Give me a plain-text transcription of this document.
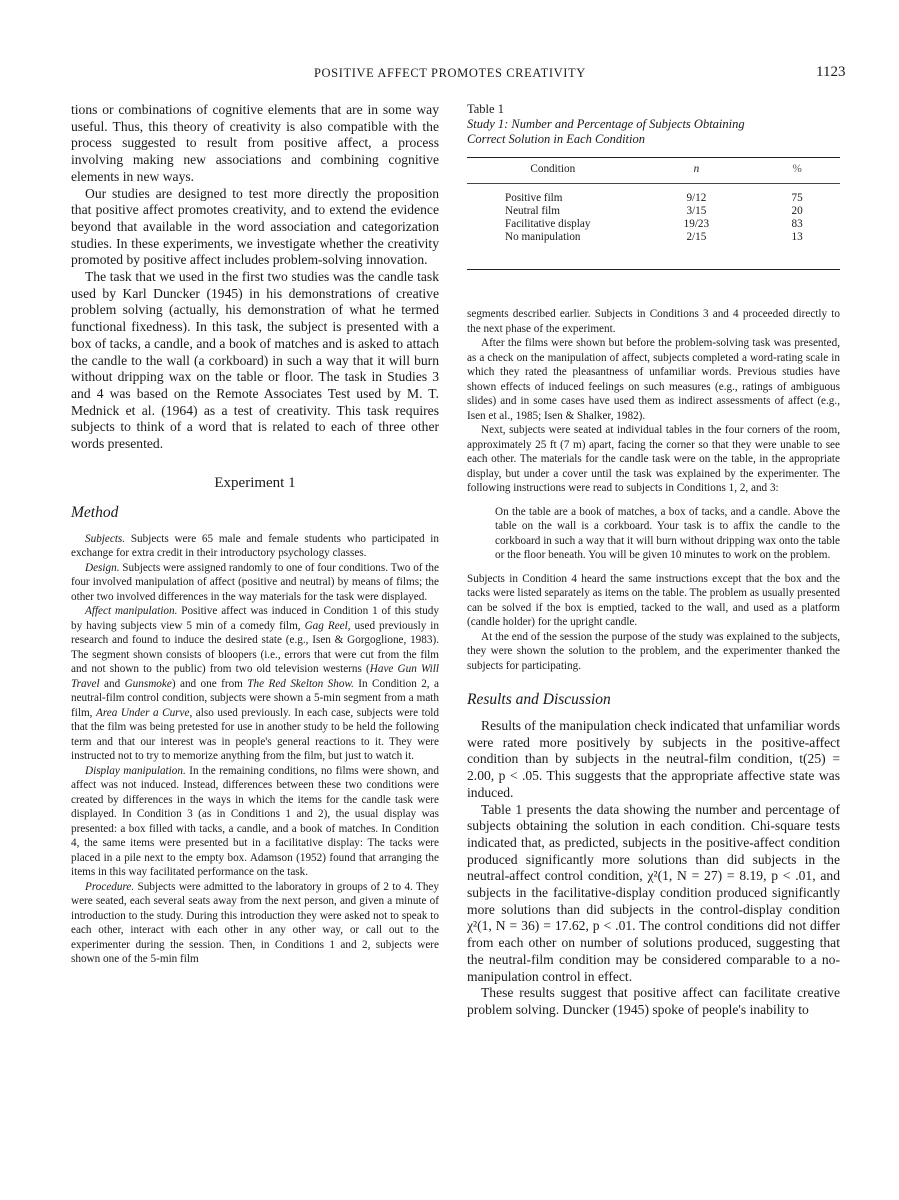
POSITIVE AFFECT PROMOTES CREATIVITY	1123

tions or combinations of cognitive elements that are in some way useful. Thus, this theory of creativity is also compatible with the process suggested to result from positive affect, a process involving making new associations and combining cognitive elements in new ways.

Our studies are designed to test more directly the proposition that positive affect promotes creativity, and to extend the evidence beyond that available in the word association and categorization studies. In these experiments, we investigate whether the creativity promoted by positive affect includes problem-solving innovation.

The task that we used in the first two studies was the candle task used by Karl Duncker (1945) in his demonstrations of creative problem solving (actually, his demonstration of what he termed functional fixedness). In this task, the subject is presented with a box of tacks, a candle, and a book of matches and is asked to attach the candle to the wall (a corkboard) in such a way that it will burn without dripping wax on the table or floor. The task in Studies 3 and 4 was based on the Remote Associates Test used by M. T. Mednick et al. (1964) as a test of creativity. This task requires subjects to think of a word that is related to each of three other words presented.

Experiment 1
Method

Subjects. Subjects were 65 male and female students who participated in exchange for extra credit in their introductory psychology classes.

Design. Subjects were assigned randomly to one of four conditions. Two of the four involved manipulation of affect (positive and neutral) by means of films; the other two involved differences in the way materials for the task were displayed.

Affect manipulation. Positive affect was induced in Condition 1 of this study by having subjects view 5 min of a comedy film, Gag Reel, used previously in research and found to induce the desired state (e.g., Isen & Gorgoglione, 1983). The segment shown consists of bloopers (i.e., errors that were cut from the film and not shown to the public) from two old television westerns (Have Gun Will Travel and Gunsmoke) and one from The Red Skelton Show. In Condition 2, a neutral-film control condition, subjects were shown a 5-min segment from a math film, Area Under a Curve, also used previously. In each case, subjects were told that the film was being pretested for use in another study to be held the following term and that our interest was in people's general reactions to it. They were instructed not to try to memorize anything from the film, but just to watch it.

Display manipulation. In the remaining conditions, no films were shown, and affect was not induced. Instead, differences between these two conditions were created by differences in the ways in which the items for the candle task were displayed. In Condition 3 (as in Conditions 1 and 2), the usual display was presented: a box filled with tacks, a candle, and a book of matches. In Condition 4, the same items were presented but in a facilitative display: The tacks were placed in a pile next to the empty box. Adamson (1952) found that arranging the items in this way facilitated performance on the task.

Procedure. Subjects were admitted to the laboratory in groups of 2 to 4. They were seated, each several seats away from the next person, and given a minute of introduction to the study. During this introduction they were asked not to speak to each other, interact with each other in any other way, or call out to the experimenter during the session. Then, in Conditions 1 and 2, subjects were shown one of the 5-min film

Table 1
Study 1: Number and Percentage of Subjects Obtaining Correct Solution in Each Condition
Condition	n	%
Positive film	9/12	75
Neutral film	3/15	20
Facilitative display	19/23	83
No manipulation	2/15	13

segments described earlier. Subjects in Conditions 3 and 4 proceeded directly to the next phase of the experiment.

After the films were shown but before the problem-solving task was presented, as a check on the manipulation of affect, subjects completed a word-rating scale in which they rated the pleasantness of unfamiliar words. Previous studies have shown effects of induced feelings on such measures (e.g., ratings of ambiguous slides) and in some cases have used them as indirect assessments of affect (e.g., Isen et al., 1985; Isen & Shalker, 1982).

Next, subjects were seated at individual tables in the four corners of the room, approximately 25 ft (7 m) apart, facing the corner so that they were unable to see each other. The materials for the candle task were on the table, in the appropriate display, but under a cover until the task was explained by the experimenter. The following instructions were read to subjects in Conditions 1, 2, and 3:

On the table are a book of matches, a box of tacks, and a candle. Above the table on the wall is a corkboard. Your task is to affix the candle to the corkboard in such a way that it will burn without dripping wax onto the table or the floor beneath. You will be given 10 minutes to work on the problem.

Subjects in Condition 4 heard the same instructions except that the box and the tacks were listed separately as items on the table. The problem as usually presented can be solved if the box is emptied, tacked to the wall, and used as a platform (candle holder) for the upright candle.

At the end of the session the purpose of the study was explained to the subjects, they were shown the solution to the problem, and the experimenter thanked the subjects for participating.

Results and Discussion

Results of the manipulation check indicated that unfamiliar words were rated more positively by subjects in the positive-affect condition than by subjects in the neutral-film condition, t(25) = 2.00, p < .05. This suggests that the appropriate affective state was induced.

Table 1 presents the data showing the number and percentage of subjects obtaining the solution in each condition. Chi-square tests indicated that, as predicted, subjects in the positive-affect condition produced significantly more solutions than did subjects in the neutral-affect control condition, χ²(1, N = 27) = 8.19, p < .01, and subjects in the facilitative-display condition produced significantly more solutions than did subjects in the control-display condition χ²(1, N = 36) = 17.62, p < .01. The control conditions did not differ from each other on number of solutions produced, suggesting that the neutral-film condition may be considered comparable to a no-manipulation control in effect.

These results suggest that positive affect can facilitate creative problem solving. Duncker (1945) spoke of people's inability to
